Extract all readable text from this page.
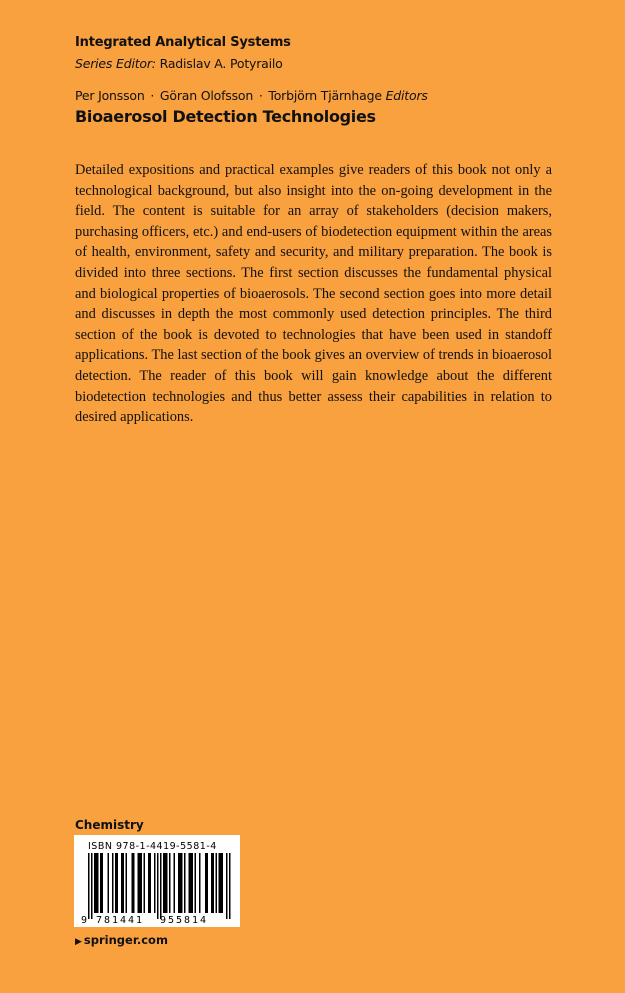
Integrated Analytical Systems
Series Editor: Radislav A. Potyrailo
Per Jonsson · Göran Olofsson · Torbjörn Tjärnhage Editors
Bioaerosol Detection Technologies

Detailed expositions and practical examples give readers of this book not only a technological background, but also insight into the on-going development in the field. The content is suitable for an array of stakeholders (decision makers, purchasing officers, etc.) and end-users of biodetection equipment within the areas of health, environment, safety and security, and military preparation. The book is divided into three sections. The first section discusses the fundamental physical and biological properties of bioaerosols. The second section goes into more detail and discusses in depth the most commonly used detection principles. The third section of the book is devoted to technologies that have been used in standoff applications. The last section of the book gives an overview of trends in bioaerosol detection. The reader of this book will gain knowledge about the different biodetection technologies and thus better assess their capabilities in relation to desired applications.

Chemistry
9 781441 955814
ISBN 978-1-4419-5581-4
▶ springer.com
